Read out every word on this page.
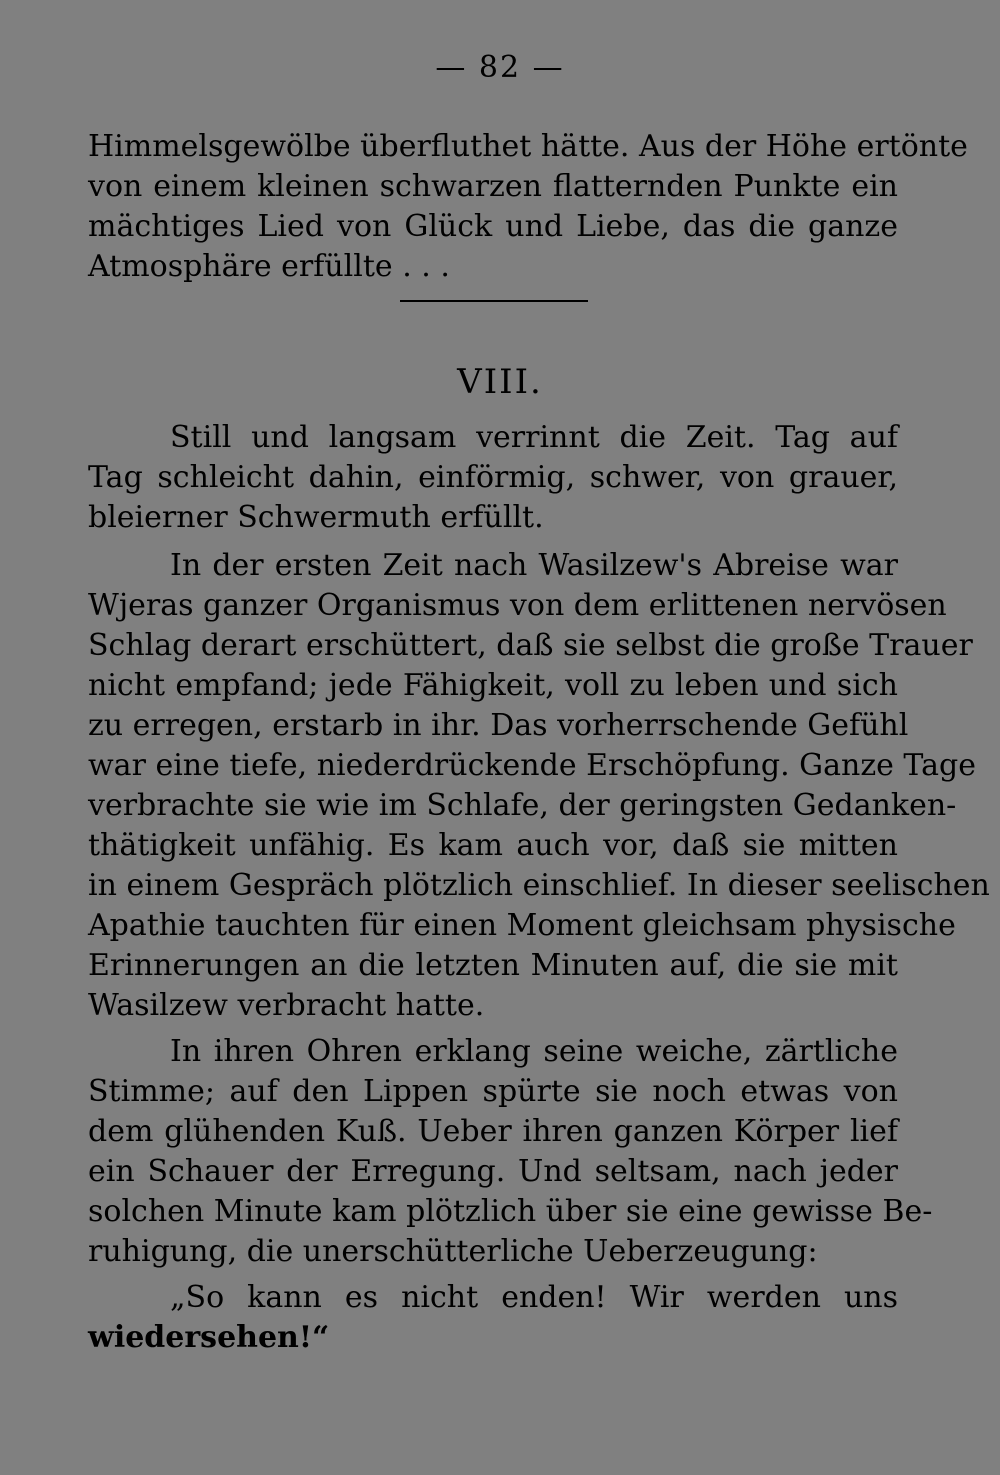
— 82 —
Himmelsgewölbe überfluthet hätte. Aus der Höhe ertönte
von einem kleinen schwarzen flatternden Punkte ein
mächtiges Lied von Glück und Liebe, das die ganze
Atmosphäre erfüllte . . .
VIII.
Still und langsam verrinnt die Zeit. Tag auf
Tag schleicht dahin, einförmig, schwer, von grauer,
bleierner Schwermuth erfüllt.
In der ersten Zeit nach Wasilzew's Abreise war
Wjeras ganzer Organismus von dem erlittenen nervösen
Schlag derart erschüttert, daß sie selbst die große Trauer
nicht empfand; jede Fähigkeit, voll zu leben und sich
zu erregen, erstarb in ihr. Das vorherrschende Gefühl
war eine tiefe, niederdrückende Erschöpfung. Ganze Tage
verbrachte sie wie im Schlafe, der geringsten Gedanken-
thätigkeit unfähig. Es kam auch vor, daß sie mitten
in einem Gespräch plötzlich einschlief. In dieser seelischen
Apathie tauchten für einen Moment gleichsam physische
Erinnerungen an die letzten Minuten auf, die sie mit
Wasilzew verbracht hatte.
In ihren Ohren erklang seine weiche, zärtliche
Stimme; auf den Lippen spürte sie noch etwas von
dem glühenden Kuß. Ueber ihren ganzen Körper lief
ein Schauer der Erregung. Und seltsam, nach jeder
solchen Minute kam plötzlich über sie eine gewisse Be-
ruhigung, die unerschütterliche Ueberzeugung:
„So kann es nicht enden! Wir werden uns
wiedersehen!“
